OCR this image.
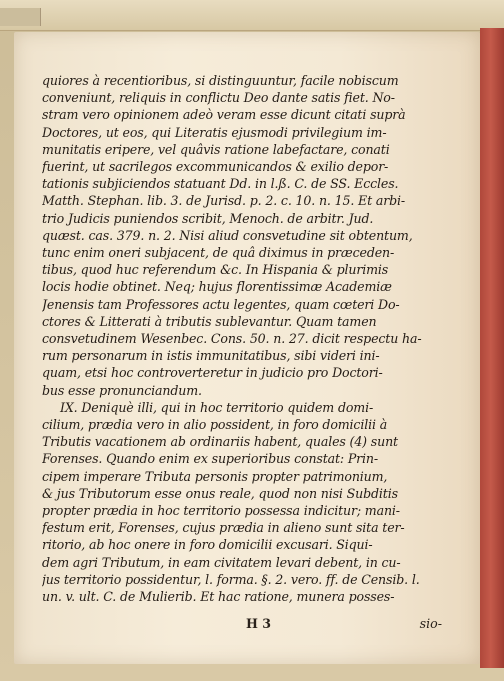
quiores à recentioribus, si distinguuntur, facile nobiscum
conveniunt, reliquis in conflictu Deo dante satis fiet. No-
stram vero opinionem adeò veram esse dicunt citati suprà
Doctores, ut eos, qui Literatis ejusmodi privilegium im-
munitatis eripere, vel quâvis ratione labefactare, conati
fuerint, ut sacrilegos excommunicandos & exilio depor-
tationis subjiciendos statuant Dd. in l.ß. C. de SS. Eccles.
Matth. Stephan. lib. 3. de Jurisd. p. 2. c. 10. n. 15. Et arbi-
trio Judicis puniendos scribit, Menoch. de arbitr. Jud.
quæst. cas. 379. n. 2. Nisi aliud consvetudine sit obtentum,
tunc enim oneri subjacent, de quâ diximus in præceden-
tibus, quod huc referendum &c. In Hispania & plurimis
locis hodie obtinet. Neq; hujus florentissimæ Academiæ
Jenensis tam Professores actu legentes, quam cœteri Do-
ctores & Litterati à tributis sublevantur. Quam tamen
consvetudinem Wesenbec. Cons. 50. n. 27. dicit respectu ha-
rum personarum in istis immunitatibus, sibi videri ini-
quam, etsi hoc controverteretur in judicio pro Doctori-
bus esse pronunciandum.
IX. Deniquè illi, qui in hoc territorio quidem domi-
cilium, prædia vero in alio possident, in foro domicilii à
Tributis vacationem ab ordinariis habent, quales (4) sunt
Forenses. Quando enim ex superioribus constat: Prin-
cipem imperare Tributa personis propter patrimonium,
& jus Tributorum esse onus reale, quod non nisi Subditis
propter prædia in hoc territorio possessa indicitur; mani-
festum erit, Forenses, cujus prædia in alieno sunt sita ter-
ritorio, ab hoc onere in foro domicilii excusari. Siqui-
dem agri Tributum, in eam civitatem levari debent, in cu-
jus territorio possidentur, l. forma. §. 2. vero. ff. de Censib. l.
un. v. ult. C. de Mulierib. Et hac ratione, munera posses-
H 3	sio-
